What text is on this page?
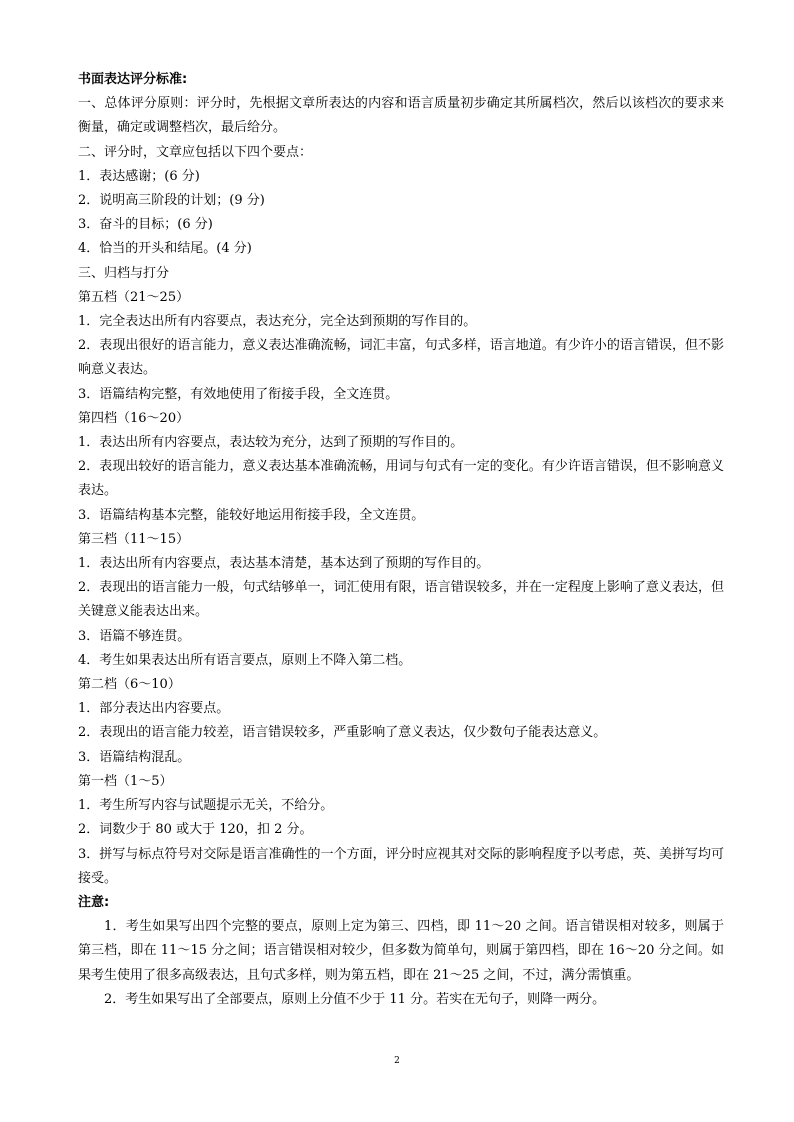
书面表达评分标准:

一、总体评分原则：评分时，先根据文章所表达的内容和语言质量初步确定其所属档次，然后以该档次的要求来衡量，确定或调整档次，最后给分。

二、评分时，文章应包括以下四个要点：

1．表达感谢；(6 分)

2．说明高三阶段的计划；(9 分)

3．奋斗的目标；(6 分)

4．恰当的开头和结尾。(4 分)

三、归档与打分

第五档（21～25）

1．完全表达出所有内容要点，表达充分，完全达到预期的写作目的。

2．表现出很好的语言能力，意义表达准确流畅，词汇丰富，句式多样，语言地道。有少许小的语言错误，但不影响意义表达。

3．语篇结构完整，有效地使用了衔接手段，全文连贯。

第四档（16～20）

1．表达出所有内容要点，表达较为充分，达到了预期的写作目的。

2．表现出较好的语言能力，意义表达基本准确流畅，用词与句式有一定的变化。有少许语言错误，但不影响意义表达。

3．语篇结构基本完整，能较好地运用衔接手段，全文连贯。

第三档（11～15）

1．表达出所有内容要点，表达基本清楚，基本达到了预期的写作目的。

2．表现出的语言能力一般，句式结够单一，词汇使用有限，语言错误较多，并在一定程度上影响了意义表达，但关键意义能表达出来。

3．语篇不够连贯。

4．考生如果表达出所有语言要点，原则上不降入第二档。

第二档（6～10）

1．部分表达出内容要点。

2．表现出的语言能力较差，语言错误较多，严重影响了意义表达，仅少数句子能表达意义。

3．语篇结构混乱。

第一档（1～5）

1．考生所写内容与试题提示无关，不给分。

2．词数少于 80 或大于 120，扣 2 分。

3．拼写与标点符号对交际是语言准确性的一个方面，评分时应视其对交际的影响程度予以考虑，英、美拼写均可接受。

注意:

1．考生如果写出四个完整的要点，原则上定为第三、四档，即 11～20 之间。语言错误相对较多，则属于第三档，即在 11～15 分之间；语言错误相对较少，但多数为简单句，则属于第四档，即在 16～20 分之间。如果考生使用了很多高级表达，且句式多样，则为第五档，即在 21～25 之间，不过，满分需慎重。

2．考生如果写出了全部要点，原则上分值不少于 11 分。若实在无句子，则降一两分。

2
